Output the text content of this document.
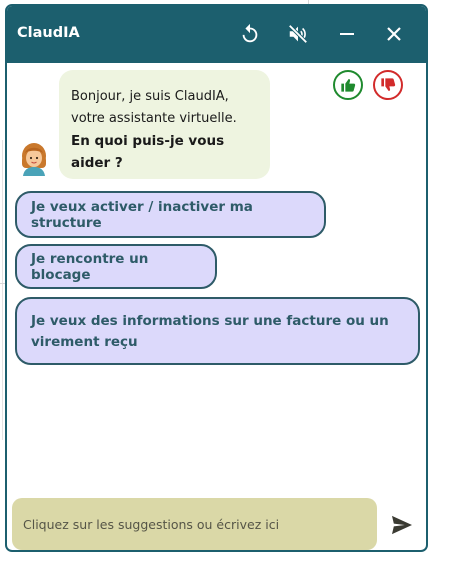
ClaudIA
Bonjour, je suis ClaudIA,
votre assistante virtuelle.
En quoi puis-je vous
aider ?
Je veux activer / inactiver ma structure
Je rencontre un blocage
Je veux des informations sur une facture ou un virement reçu
Cliquez sur les suggestions ou écrivez ici
